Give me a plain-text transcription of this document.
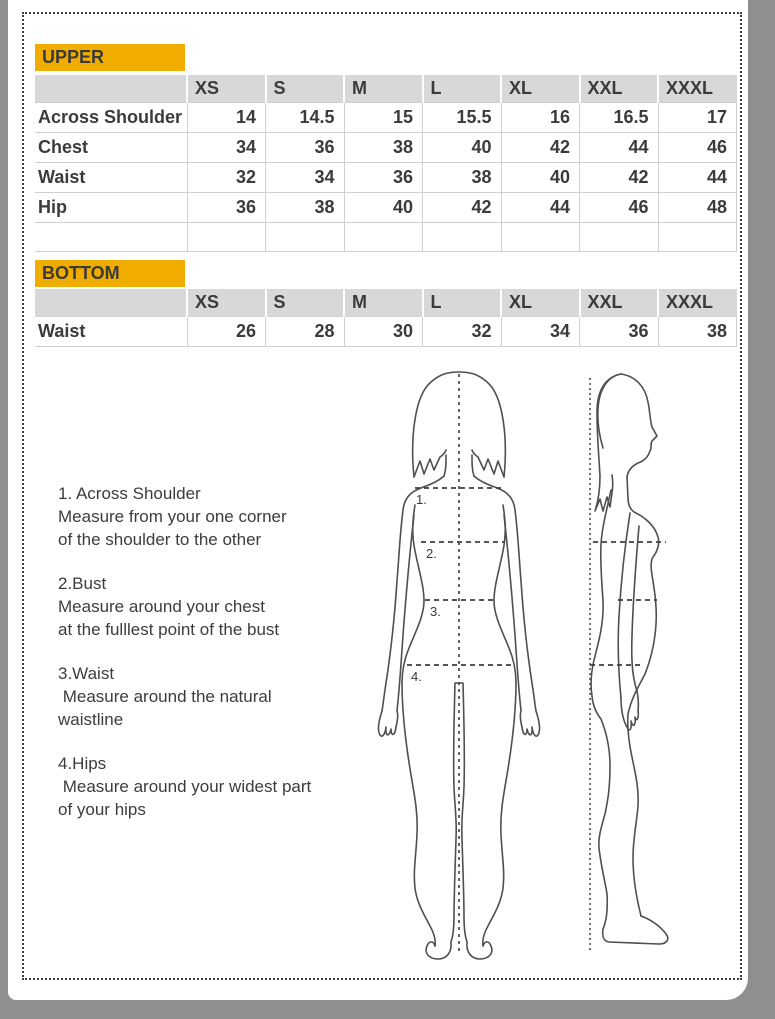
UPPER
	XS	S	M	L	XL	XXL	XXXL
Across Shoulder	14	14.5	15	15.5	16	16.5	17
Chest	34	36	38	40	42	44	46
Waist	32	34	36	38	40	42	44
Hip	36	38	40	42	44	46	48

BOTTOM
	XS	S	M	L	XL	XXL	XXXL
Waist	26	28	30	32	34	36	38
1. Across Shoulder
Measure from your one corner
of the shoulder to the other
2.Bust
Measure around your chest
at the fulllest point of the bust
3.Waist
Measure around the natural
waistline
4.Hips
Measure around your widest part
of your hips
1.
2.
3.
4.
